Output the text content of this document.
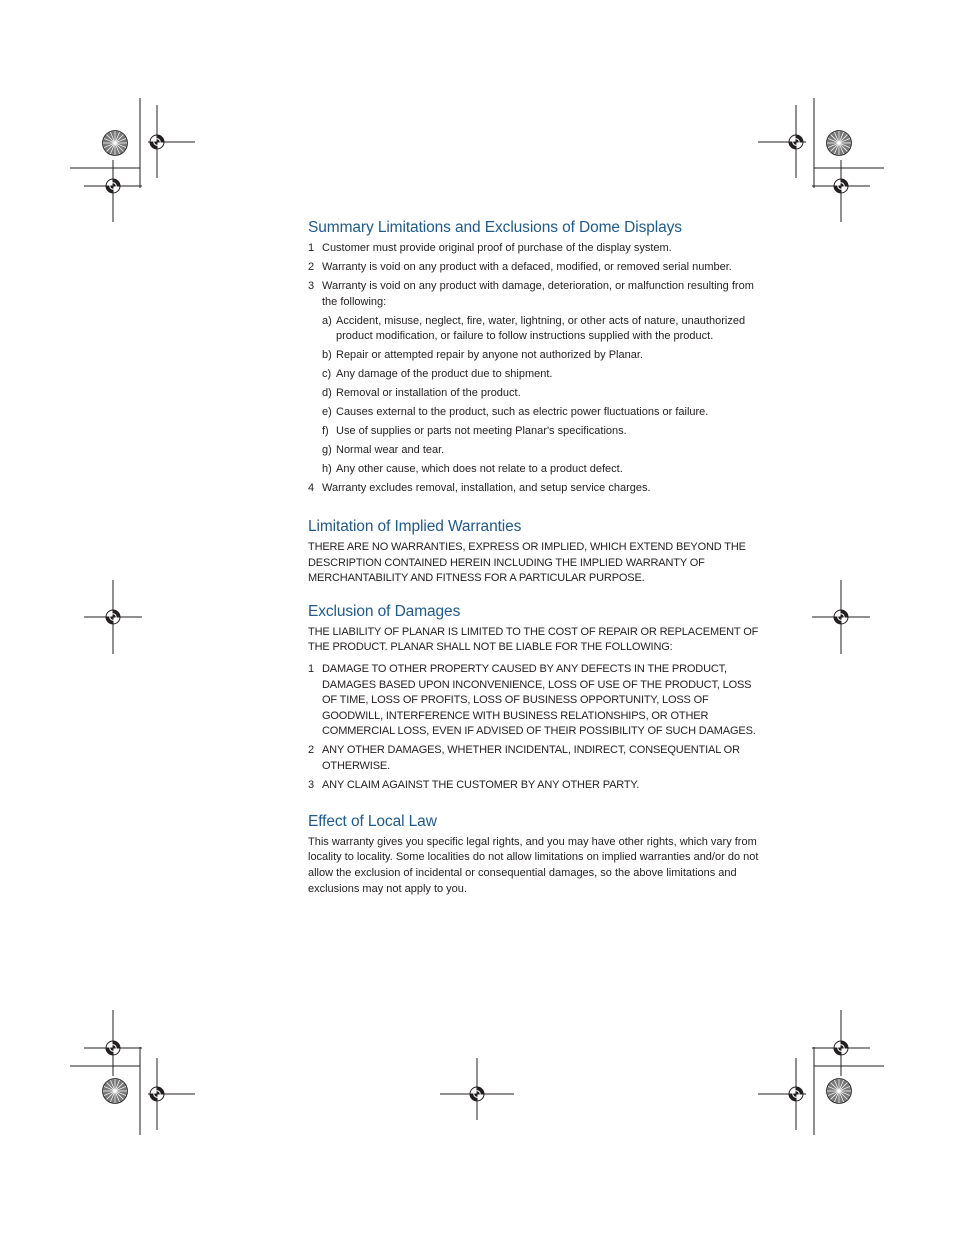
Summary Limitations and Exclusions of Dome Displays
1 Customer must provide original proof of purchase of the display system.
2 Warranty is void on any product with a defaced, modified, or removed serial number.
3 Warranty is void on any product with damage, deterioration, or malfunction resulting from the following:
a) Accident, misuse, neglect, fire, water, lightning, or other acts of nature, unauthorized product modification, or failure to follow instructions supplied with the product.
b) Repair or attempted repair by anyone not authorized by Planar.
c) Any damage of the product due to shipment.
d) Removal or installation of the product.
e) Causes external to the product, such as electric power fluctuations or failure.
f) Use of supplies or parts not meeting Planar's specifications.
g) Normal wear and tear.
h) Any other cause, which does not relate to a product defect.
4 Warranty excludes removal, installation, and setup service charges.
Limitation of Implied Warranties

THERE ARE NO WARRANTIES, EXPRESS OR IMPLIED, WHICH EXTEND BEYOND THE DESCRIPTION CONTAINED HEREIN INCLUDING THE IMPLIED WARRANTY OF MERCHANTABILITY AND FITNESS FOR A PARTICULAR PURPOSE.

Exclusion of Damages

THE LIABILITY OF PLANAR IS LIMITED TO THE COST OF REPAIR OR REPLACEMENT OF THE PRODUCT. PLANAR SHALL NOT BE LIABLE FOR THE FOLLOWING:

1 DAMAGE TO OTHER PROPERTY CAUSED BY ANY DEFECTS IN THE PRODUCT, DAMAGES BASED UPON INCONVENIENCE, LOSS OF USE OF THE PRODUCT, LOSS OF TIME, LOSS OF PROFITS, LOSS OF BUSINESS OPPORTUNITY, LOSS OF GOODWILL, INTERFERENCE WITH BUSINESS RELATIONSHIPS, OR OTHER COMMERCIAL LOSS, EVEN IF ADVISED OF THEIR POSSIBILITY OF SUCH DAMAGES.
2 ANY OTHER DAMAGES, WHETHER INCIDENTAL, INDIRECT, CONSEQUENTIAL OR OTHERWISE.
3 ANY CLAIM AGAINST THE CUSTOMER BY ANY OTHER PARTY.
Effect of Local Law

This warranty gives you specific legal rights, and you may have other rights, which vary from locality to locality. Some localities do not allow limitations on implied warranties and/or do not allow the exclusion of incidental or consequential damages, so the above limitations and exclusions may not apply to you.
